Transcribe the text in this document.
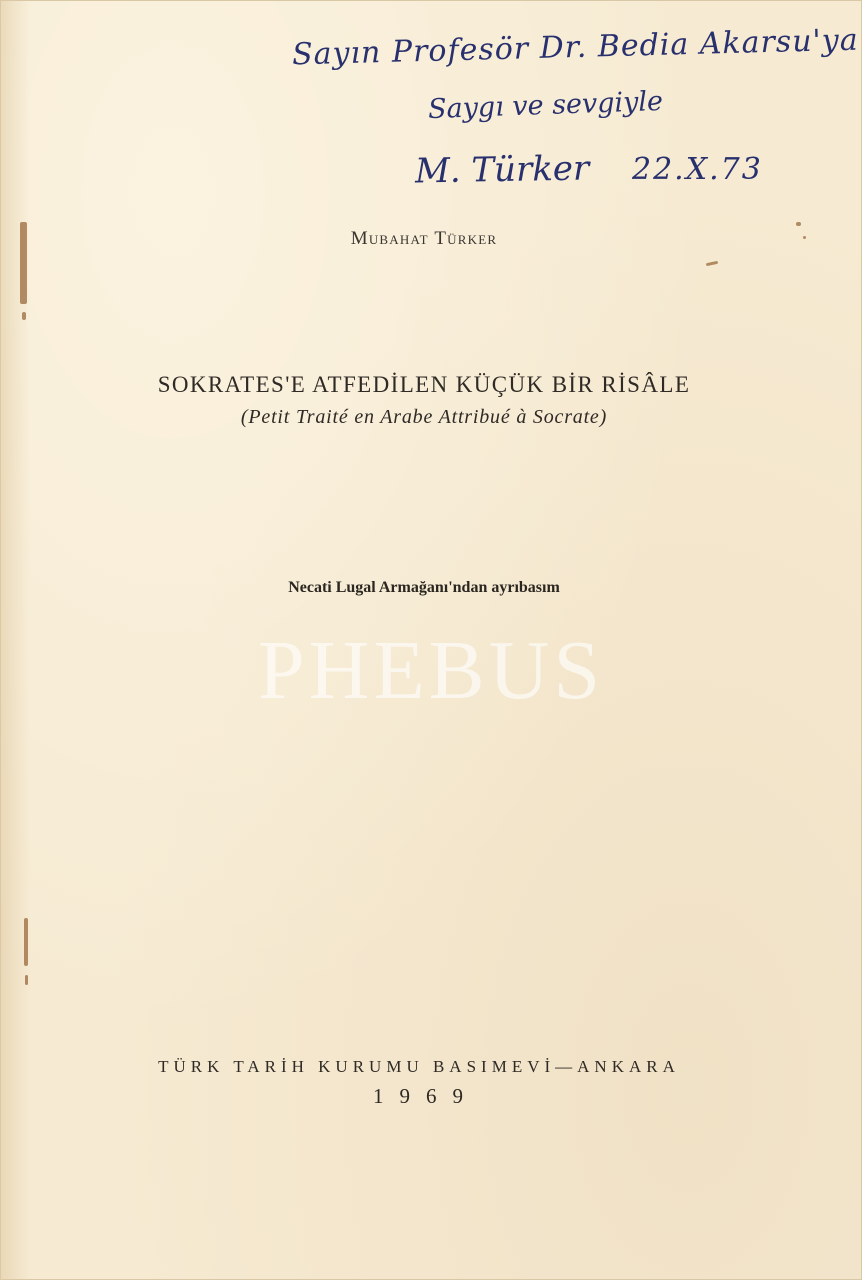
Sayın Profesör Dr. Bedia Akarsu'ya
Saygı ve sevgiyle
M. Türker 22.X.73
Mubahat Türker
SOKRATES'E ATFEDİLEN KÜÇÜK BİR RİSÂLE
(Petit Traité en Arabe Attribué à Socrate)
Necati Lugal Armağanı'ndan ayrıbasım
PHEBUS
TÜRK TARİH KURUMU BASIMEVİ—ANKARA
1969
